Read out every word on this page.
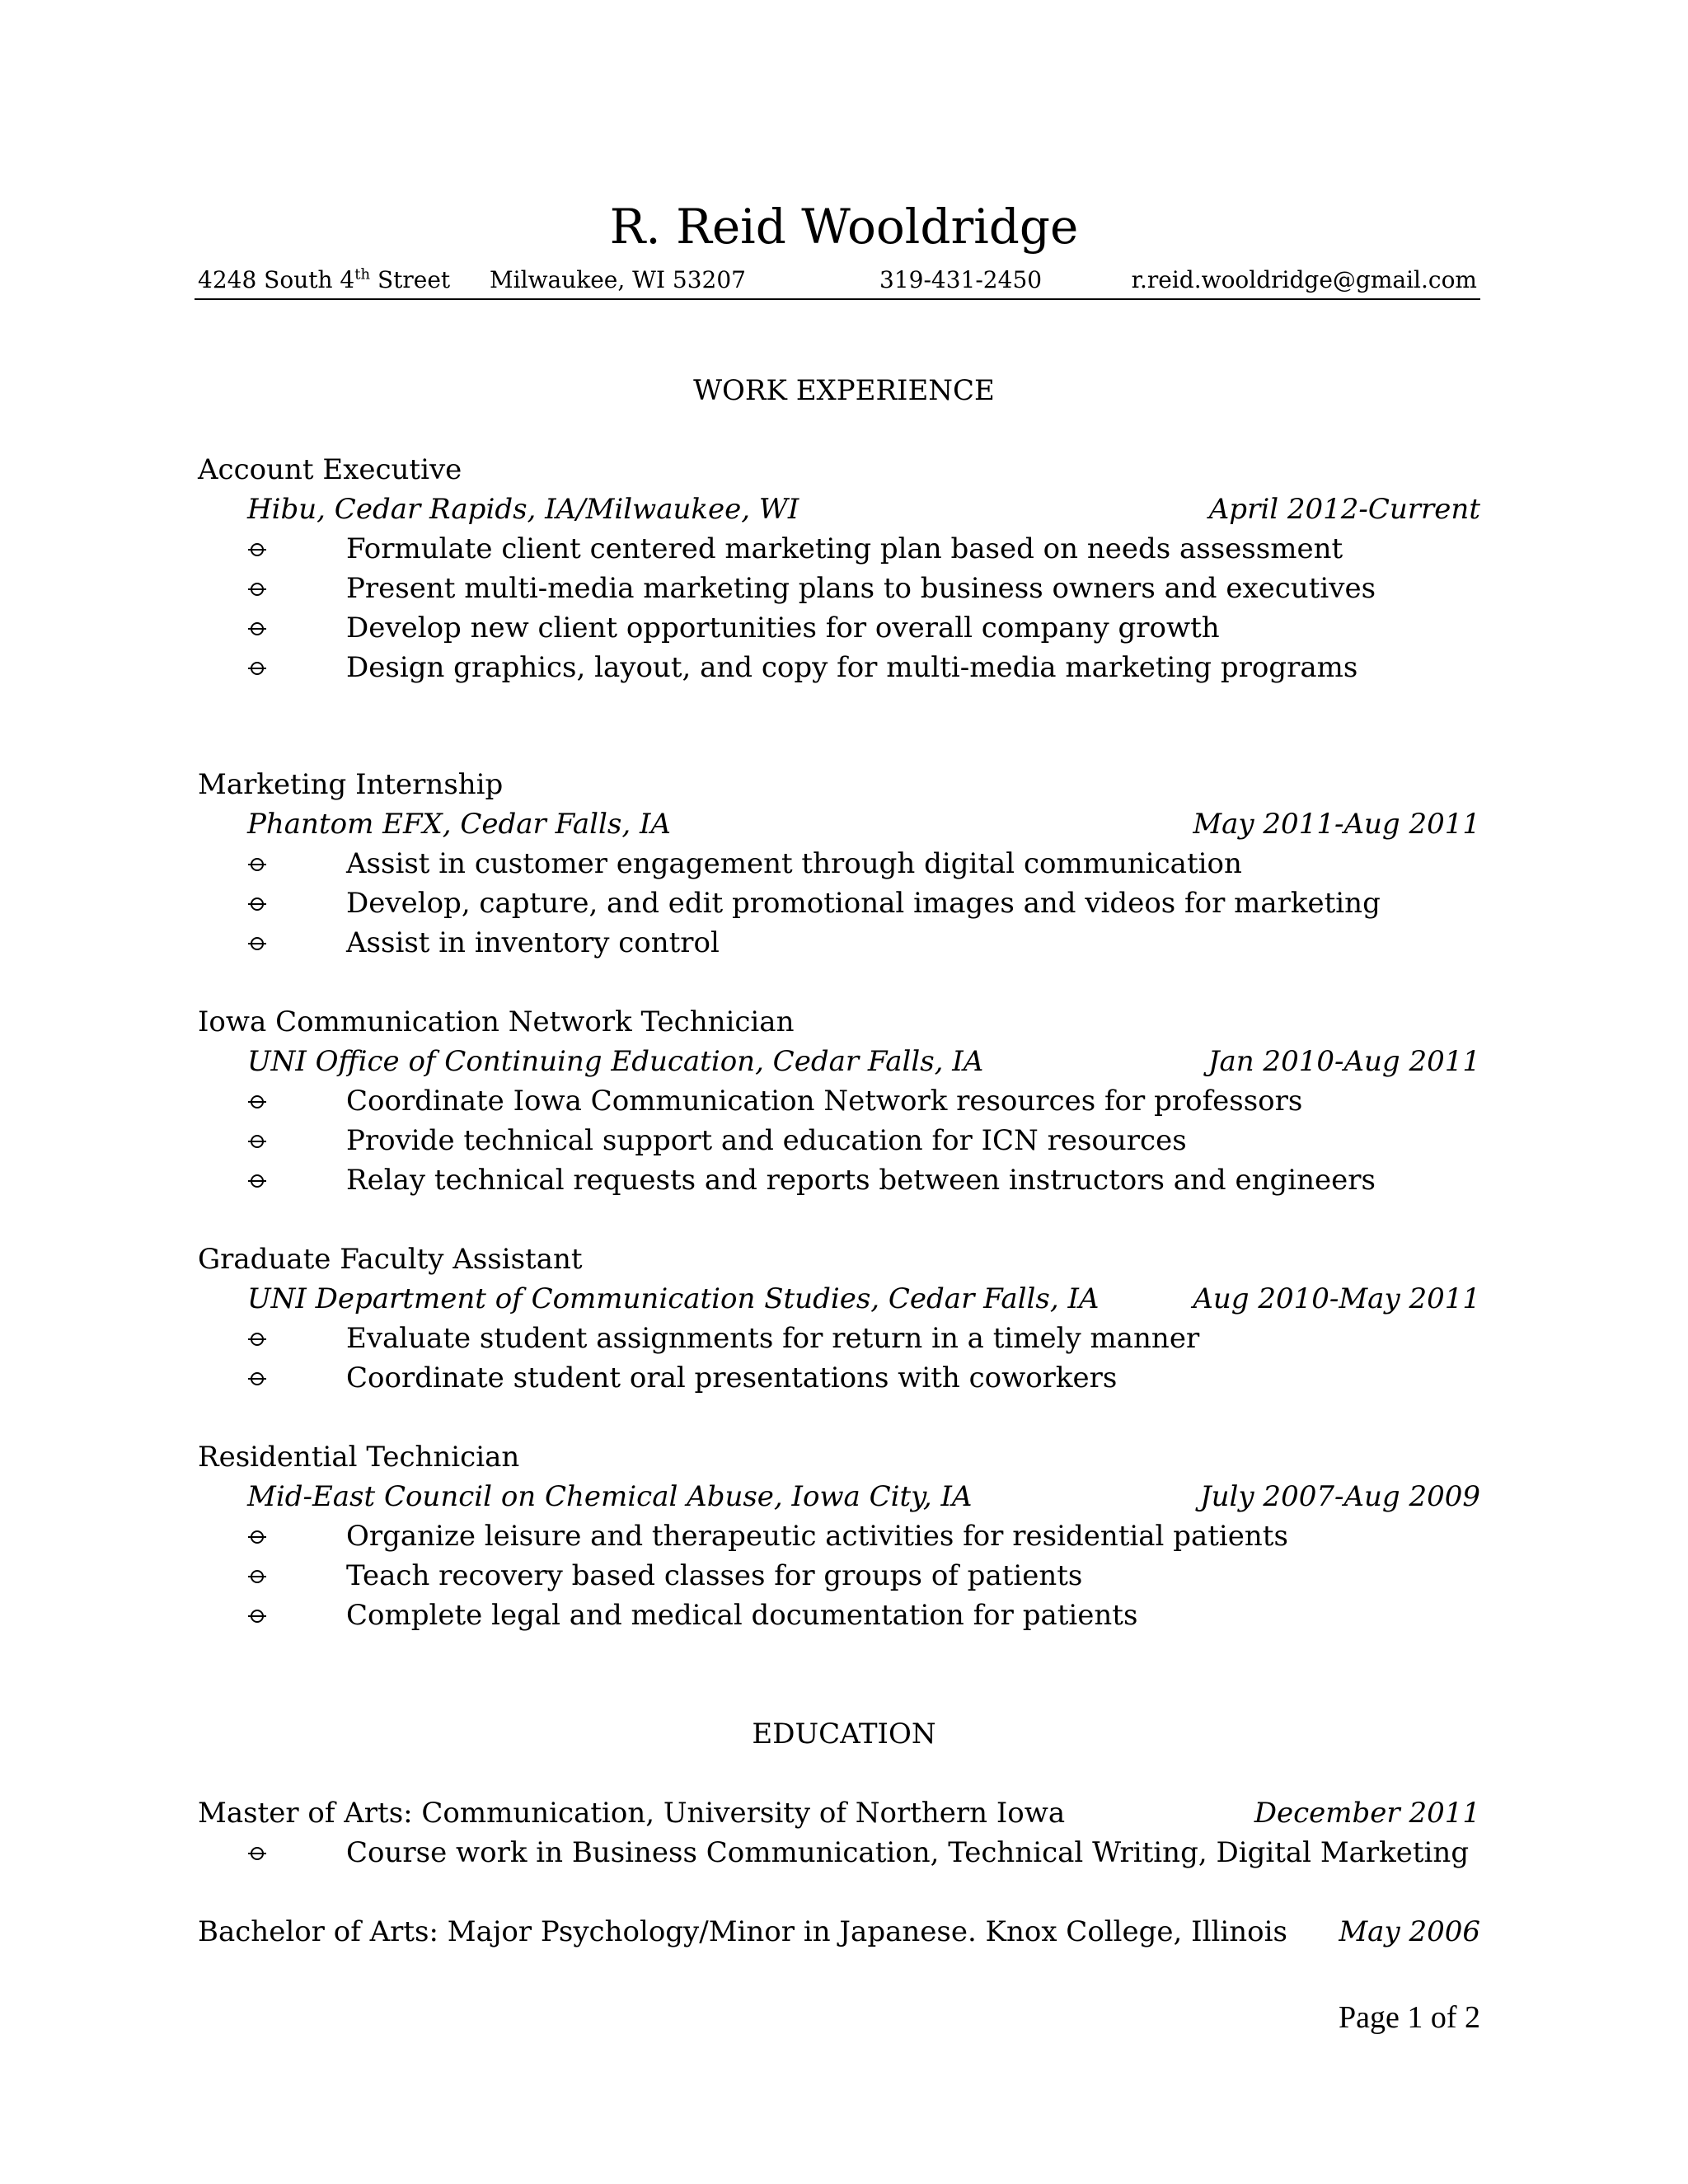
R. Reid Wooldridge
4248 South 4th Street Milwaukee, WI 53207	319-431-2450	r.reid.wooldridge@gmail.com
WORK EXPERIENCE
Account Executive
Hibu, Cedar Rapids, IA/Milwaukee, WI	April 2012-Current
Formulate client centered marketing plan based on needs assessment
Present multi-media marketing plans to business owners and executives
Develop new client opportunities for overall company growth
Design graphics, layout, and copy for multi-media marketing programs
Marketing Internship
Phantom EFX, Cedar Falls, IA	May 2011-Aug 2011
Assist in customer engagement through digital communication
Develop, capture, and edit promotional images and videos for marketing
Assist in inventory control
Iowa Communication Network Technician
UNI Office of Continuing Education, Cedar Falls, IA	Jan 2010-Aug 2011
Coordinate Iowa Communication Network resources for professors
Provide technical support and education for ICN resources
Relay technical requests and reports between instructors and engineers
Graduate Faculty Assistant
UNI Department of Communication Studies, Cedar Falls, IA	Aug 2010-May 2011
Evaluate student assignments for return in a timely manner
Coordinate student oral presentations with coworkers
Residential Technician
Mid-East Council on Chemical Abuse, Iowa City, IA	July 2007-Aug 2009
Organize leisure and therapeutic activities for residential patients
Teach recovery based classes for groups of patients
Complete legal and medical documentation for patients
EDUCATION
Master of Arts: Communication, University of Northern Iowa	December 2011
Course work in Business Communication, Technical Writing, Digital Marketing
Bachelor of Arts: Major Psychology/Minor in Japanese. Knox College, Illinois May 2006
Page 1 of 2
